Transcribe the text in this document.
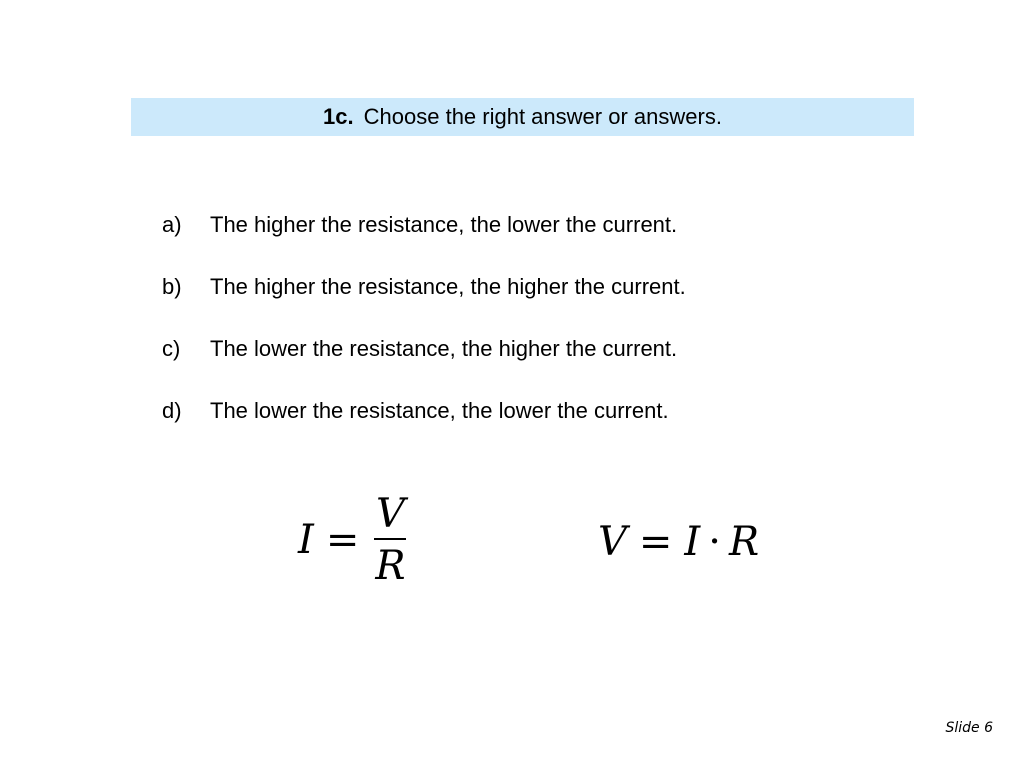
1c. Choose the right answer or answers.
a)	The higher the resistance, the lower the current.
b)	The higher the resistance, the higher the current.
c)	The lower the resistance, the higher the current.
d)	The lower the resistance, the lower the current.
$I = \frac{V}{R}$	V = I · R
Slide 6
